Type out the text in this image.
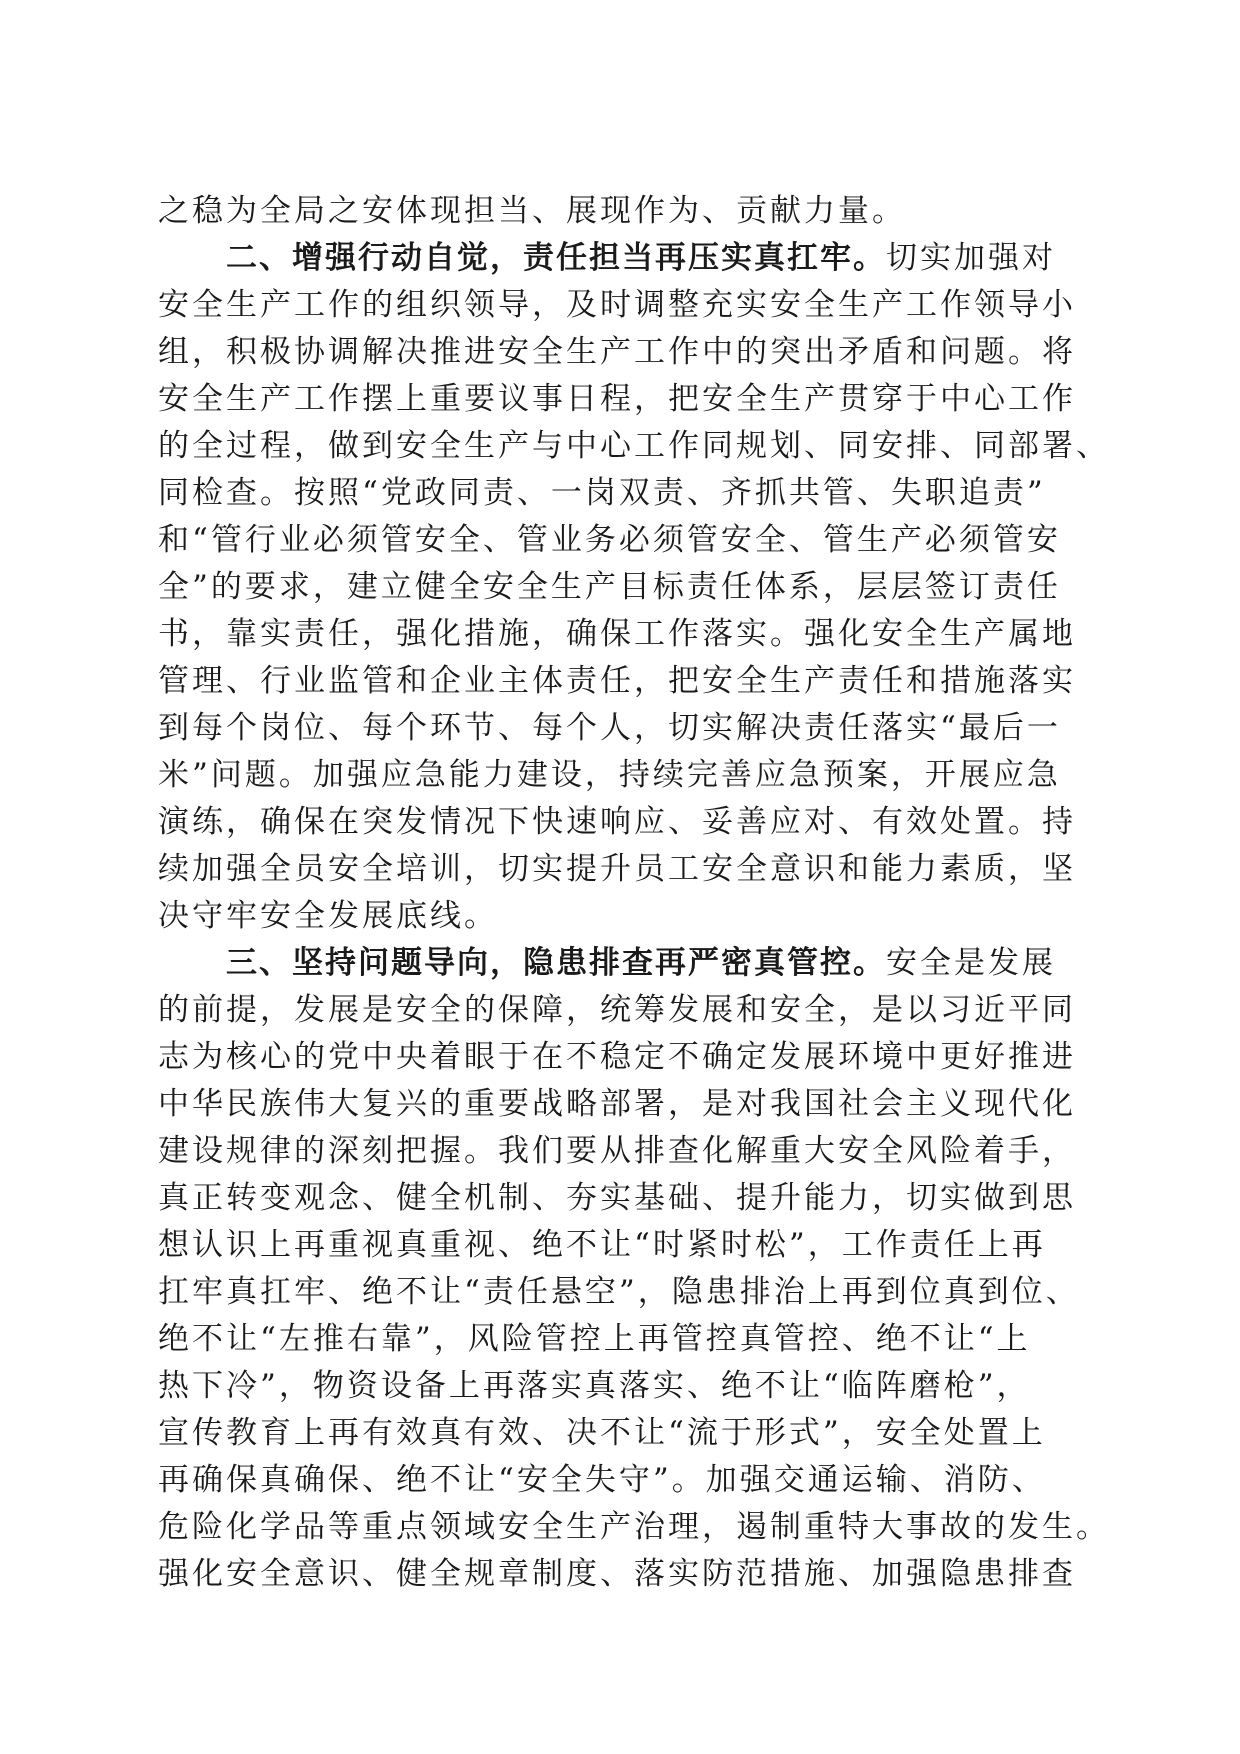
之稳为全局之安体现担当、展现作为、贡献力量。
二、增强行动自觉，责任担当再压实真扛牢。切实加强对
安全生产工作的组织领导，及时调整充实安全生产工作领导小
组，积极协调解决推进安全生产工作中的突出矛盾和问题。将
安全生产工作摆上重要议事日程，把安全生产贯穿于中心工作
的全过程，做到安全生产与中心工作同规划、同安排、同部署、
同检查。按照“党政同责、一岗双责、齐抓共管、失职追责”
和“管行业必须管安全、管业务必须管安全、管生产必须管安
全”的要求，建立健全安全生产目标责任体系，层层签订责任
书，靠实责任，强化措施，确保工作落实。强化安全生产属地
管理、行业监管和企业主体责任，把安全生产责任和措施落实
到每个岗位、每个环节、每个人，切实解决责任落实“最后一
米”问题。加强应急能力建设，持续完善应急预案，开展应急
演练，确保在突发情况下快速响应、妥善应对、有效处置。持
续加强全员安全培训，切实提升员工安全意识和能力素质，坚
决守牢安全发展底线。
三、坚持问题导向，隐患排查再严密真管控。安全是发展
的前提，发展是安全的保障，统筹发展和安全，是以习近平同
志为核心的党中央着眼于在不稳定不确定发展环境中更好推进
中华民族伟大复兴的重要战略部署，是对我国社会主义现代化
建设规律的深刻把握。我们要从排查化解重大安全风险着手，
真正转变观念、健全机制、夯实基础、提升能力，切实做到思
想认识上再重视真重视、绝不让“时紧时松”，工作责任上再
扛牢真扛牢、绝不让“责任悬空”，隐患排治上再到位真到位、
绝不让“左推右靠”，风险管控上再管控真管控、绝不让“上
热下冷”，物资设备上再落实真落实、绝不让“临阵磨枪”，
宣传教育上再有效真有效、决不让“流于形式”，安全处置上
再确保真确保、绝不让“安全失守”。加强交通运输、消防、
危险化学品等重点领域安全生产治理，遏制重特大事故的发生。
强化安全意识、健全规章制度、落实防范措施、加强隐患排查
